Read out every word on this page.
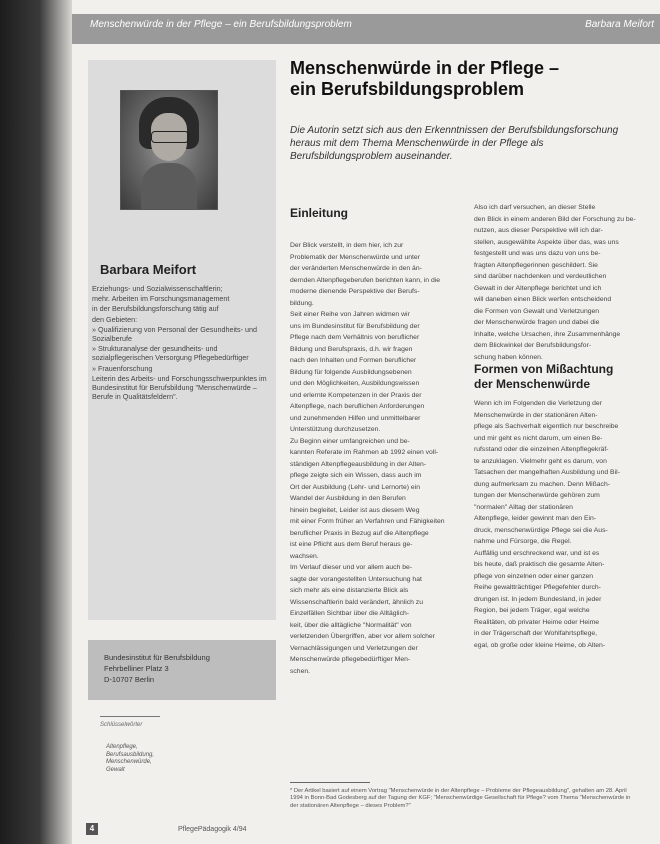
Menschenwürde in der Pflege – ein Berufsbildungsproblem	Barbara Meifort
Barbara Meifort

Erziehungs- und Sozialwissenschaftlerin;

mehr. Arbeiten im Forschungsmanagement

in der Berufsbildungsforschung tätig auf

den Gebieten:

» Qualifizierung von Personal der Gesundheits- und Sozialberufe

» Strukturanalyse der gesundheits- und sozialpflegerischen Versorgung Pflegebedürftiger

» Frauenforschung

Leiterin des Arbeits- und Forschungsschwerpunktes im Bundesinstitut für Berufsbildung "Menschenwürde – Berufe in Qualitätsfeldern".

Bundesinstitut für Berufsbildung
Fehrbelliner Platz 3
D-10707 Berlin
Schlüsselwörter
Altenpflege,
Berufsausbildung,
Menschenwürde,
Gewalt
Menschenwürde in der Pflege –
ein Berufsbildungsproblem
Die Autorin setzt sich aus den Erkenntnissen der Berufsbildungsforschung heraus mit dem Thema Menschenwürde in der Pflege als Berufsbildungsproblem auseinander.
Einleitung
Der Blick verstellt, in dem hier, ich zur
Problematik der Menschenwürde und unter
der veränderten Menschenwürde in den än-
dernden Altenpflegeberufen berichten kann, in die
moderne dienende Perspektive der Berufs-
bildung.
Seit einer Reihe von Jahren widmen wir
uns im Bundesinstitut für Berufsbildung der
Pflege nach dem Verhältnis von beruflicher
Bildung und Berufspraxis, d.h. wir fragen
nach den Inhalten und Formen beruflicher
Bildung für folgende Ausbildungsebenen
und den Möglichkeiten, Ausbildungswissen
und erlernte Kompetenzen in der Praxis der
Altenpflege, nach beruflichen Anforderungen
und zunehmenden Hilfen und unmittelbarer
Unterstützung durchzusetzen.
Zu Beginn einer umfangreichen und be-
kannten Referate im Rahmen ab 1992 einen voll-
ständigen Altenpflegeausbildung in der Alten-
pflege zeigte sich ein Wissen, dass auch im
Ort der Ausbildung (Lehr- und Lernorte) ein
Wandel der Ausbildung in den Berufen
hinein begleitet, Leider ist aus diesem Weg
mit einer Form früher an Verfahren und Fähigkeiten
beruflicher Praxis in Bezug auf die Altenpflege
ist eine Pflicht aus dem Beruf heraus ge-
wachsen.
Im Verlauf dieser und vor allem auch be-
sagte der vorangestellten Untersuchung hat
sich mehr als eine distanzierte Blick als
Wissenschaftlerin bald verändert, ähnlich zu
Einzelfällen Sichtbar über die Alltäglich-
keit, über die alltägliche "Normalität" von
verletzenden Übergriffen, aber vor allem solcher
Vernachlässigungen und Verletzungen der
Menschenwürde pflegebedürftiger Men-
schen.
Also ich darf versuchen, an dieser Stelle
den Blick in einem anderen Bild der Forschung zu be-
nutzen, aus dieser Perspektive will ich dar-
stellen, ausgewählte Aspekte über das, was uns
festgestellt und was uns dazu von uns be-
fragten Altenpflegerinnen geschildert. Sie
sind darüber nachdenken und verdeutlichen
Gewalt in der Altenpflege berichtet und ich
will daneben einen Blick werfen entscheidend
die Formen von Gewalt und Verletzungen
der Menschenwürde fragen und dabei die
Inhalte, welche Ursachen, ihre Zusammenhänge
dem Blickwinkel der Berufsbildungsfor-
schung haben können.
Formen von Mißachtung der Menschenwürde
Wenn ich im Folgenden die Verletzung der
Menschenwürde in der stationären Alten-
pflege als Sachverhalt eigentlich nur beschreibe
und mir geht es nicht darum, um einen Be-
rufsstand oder die einzelnen Altenpflegekräf-
te anzuklagen. Vielmehr geht es darum, von
Tatsachen der mangelhaften Ausbildung und Bil-
dung aufmerksam zu machen. Denn Mißach-
tungen der Menschenwürde gehören zum
"normalen" Alltag der stationären
Altenpflege, leider gewinnt man den Ein-
druck, menschenwürdige Pflege sei die Aus-
nahme und Fürsorge, die Regel.
Auffällig und erschreckend war, und ist es
bis heute, daß praktisch die gesamte Alten-
pflege von einzelnen oder einer ganzen
Reihe gewaltträchtiger Pflegefehler durch-
drungen ist. In jedem Bundesland, in jeder
Region, bei jedem Träger, egal welche
Realitäten, ob privater Heime oder Heime
in der Trägerschaft der Wohlfahrtspflege,
egal, ob große oder kleine Heime, ob Alten-
* Der Artikel basiert auf einem Vortrag "Menschenwürde in der Altenpflege – Probleme der Pflegeausbildung", gehalten am 28. April 1994 in Bonn-Bad Godesberg auf der Tagung der KGF; "Menschenwürdige Gesellschaft für Pflege? vom Thema "Menschenwürde in der stationären Altenpflege – dieses Problem?"
4	PflegePädagogik 4/94
